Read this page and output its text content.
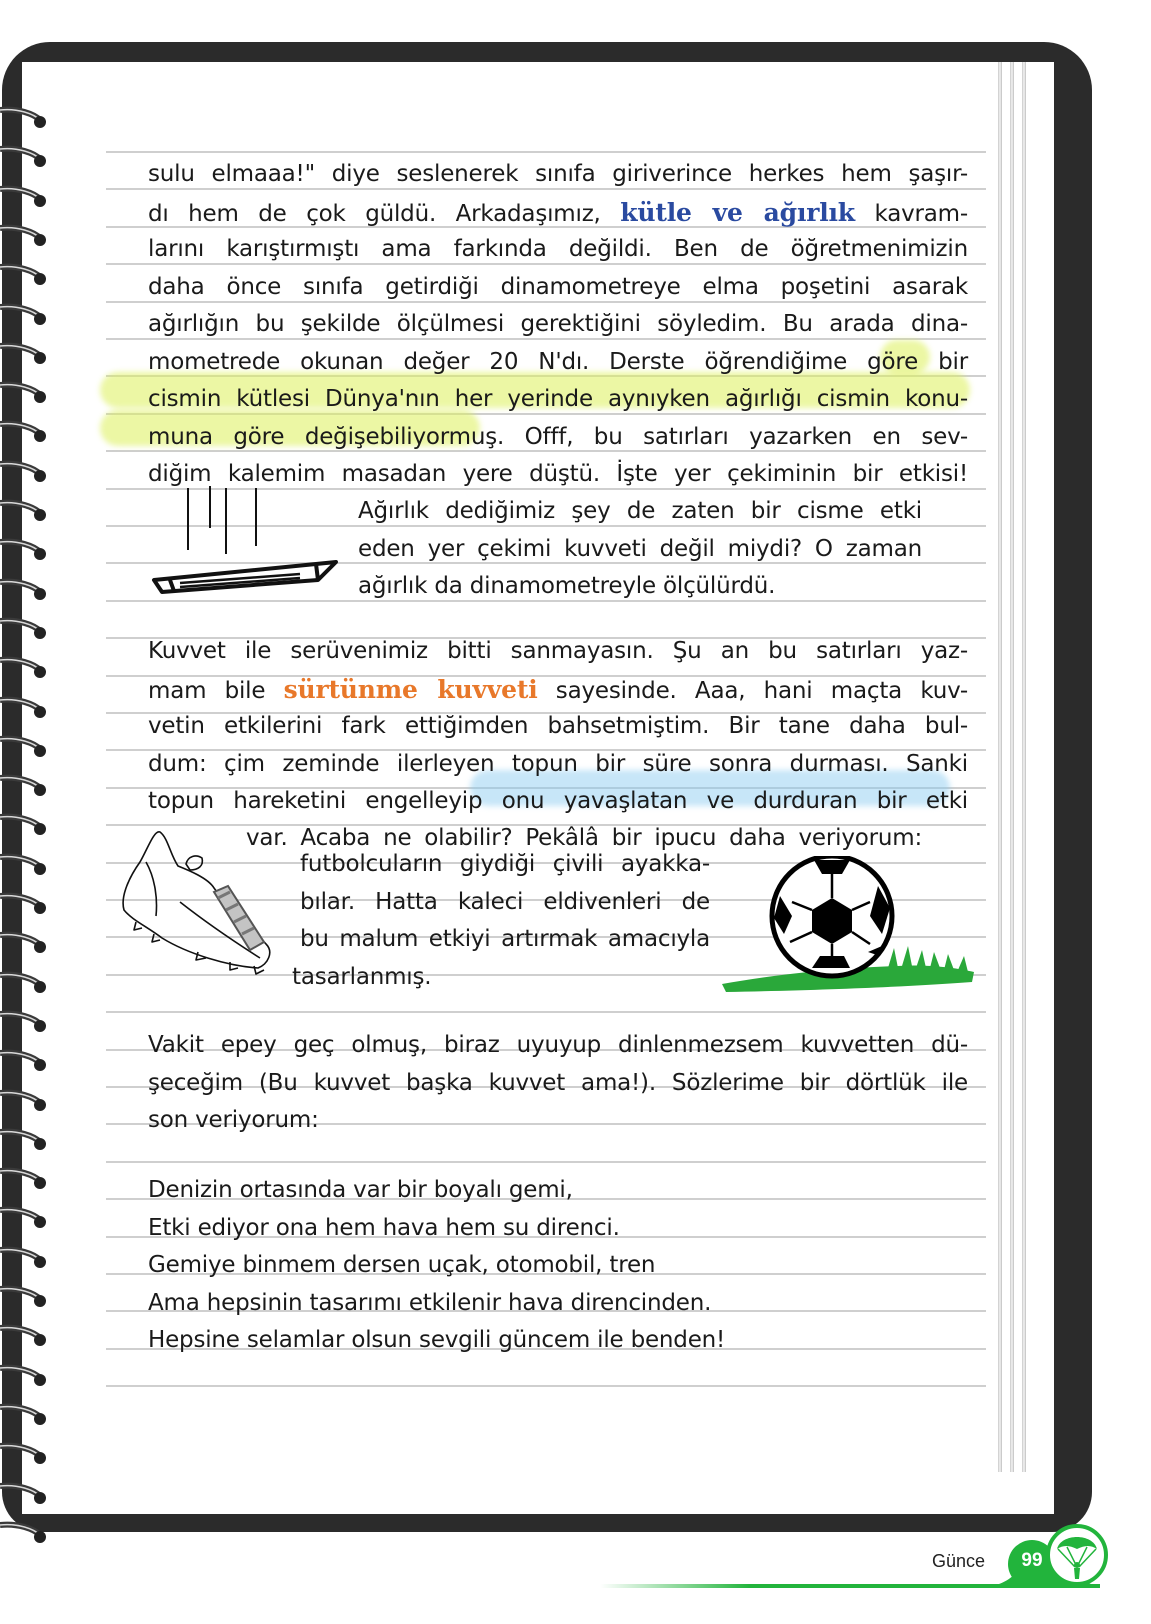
sulu elmaaa!" diye seslenerek sınıfa giriverince herkes hem şaşır-
dı hem de çok güldü. Arkadaşımız, kütle ve ağırlık kavram-
larını karıştırmıştı ama farkında değildi. Ben de öğretmenimizin
daha önce sınıfa getirdiği dinamometreye elma poşetini asarak
ağırlığın bu şekilde ölçülmesi gerektiğini söyledim. Bu arada dina-
mometrede okunan değer 20 N'dı. Derste öğrendiğime göre bir
cismin kütlesi Dünya'nın her yerinde aynıyken ağırlığı cismin konu-
muna göre değişebiliyormuş. Offf, bu satırları yazarken en sev-
diğim kalemim masadan yere düştü. İşte yer çekiminin bir etkisi!
Ağırlık dediğimiz şey de zaten bir cisme etki
eden yer çekimi kuvveti değil miydi? O zaman
ağırlık da dinamometreyle ölçülürdü.
Kuvvet ile serüvenimiz bitti sanmayasın. Şu an bu satırları yaz-
mam bile sürtünme kuvveti sayesinde. Aaa, hani maçta kuv-
vetin etkilerini fark ettiğimden bahsetmiştim. Bir tane daha bul-
dum: çim zeminde ilerleyen topun bir süre sonra durması. Sanki
topun hareketini engelleyip onu yavaşlatan ve durduran bir etki
var. Acaba ne olabilir? Pekâlâ bir ipucu daha veriyorum:
futbolcuların giydiği çivili ayakka-
bılar. Hatta kaleci eldivenleri de
bu malum etkiyi artırmak amacıyla
tasarlanmış.
Vakit epey geç olmuş, biraz uyuyup dinlenmezsem kuvvetten dü-
şeceğim (Bu kuvvet başka kuvvet ama!). Sözlerime bir dörtlük ile
son veriyorum:
Denizin ortasında var bir boyalı gemi,
Etki ediyor ona hem hava hem su direnci.
Gemiye binmem dersen uçak, otomobil, tren
Ama hepsinin tasarımı etkilenir hava direncinden.
Hepsine selamlar olsun sevgili güncem ile benden!
Günce	99
